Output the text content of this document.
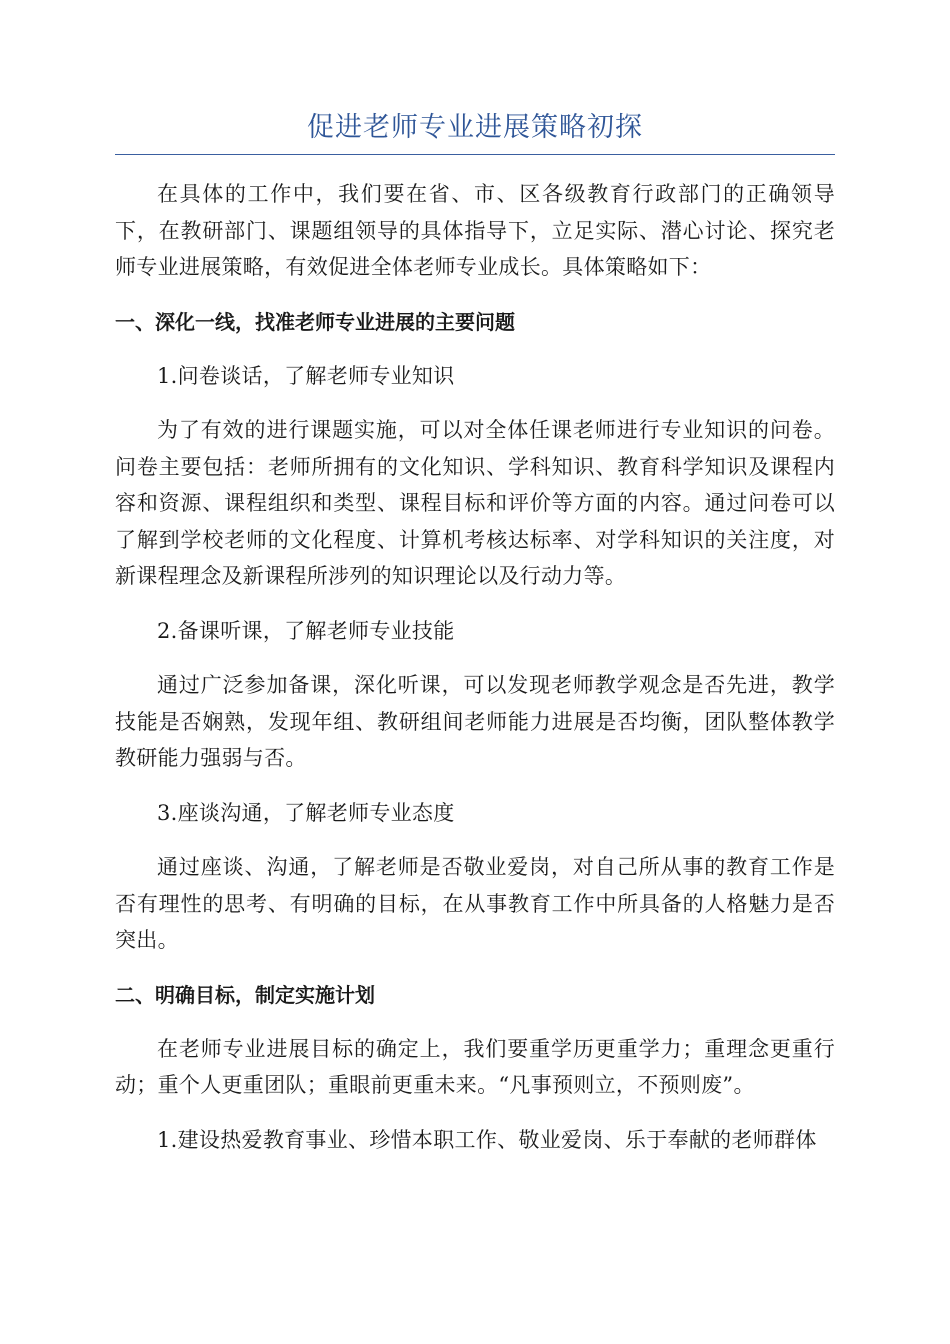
促进老师专业进展策略初探

在具体的工作中，我们要在省、市、区各级教育行政部门的正确领导下，在教研部门、课题组领导的具体指导下，立足实际、潜心讨论、探究老师专业进展策略，有效促进全体老师专业成长。具体策略如下：

一、深化一线，找准老师专业进展的主要问题

1.问卷谈话，了解老师专业知识

为了有效的进行课题实施，可以对全体任课老师进行专业知识的问卷。问卷主要包括：老师所拥有的文化知识、学科知识、教育科学知识及课程内容和资源、课程组织和类型、课程目标和评价等方面的内容。通过问卷可以了解到学校老师的文化程度、计算机考核达标率、对学科知识的关注度，对新课程理念及新课程所涉列的知识理论以及行动力等。

2.备课听课，了解老师专业技能

通过广泛参加备课，深化听课，可以发现老师教学观念是否先进，教学技能是否娴熟，发现年组、教研组间老师能力进展是否均衡，团队整体教学教研能力强弱与否。

3.座谈沟通，了解老师专业态度

通过座谈、沟通，了解老师是否敬业爱岗，对自己所从事的教育工作是否有理性的思考、有明确的目标，在从事教育工作中所具备的人格魅力是否突出。

二、明确目标，制定实施计划

在老师专业进展目标的确定上，我们要重学历更重学力；重理念更重行动；重个人更重团队；重眼前更重未来。“凡事预则立，不预则废”。

1.建设热爱教育事业、珍惜本职工作、敬业爱岗、乐于奉献的老师群体
